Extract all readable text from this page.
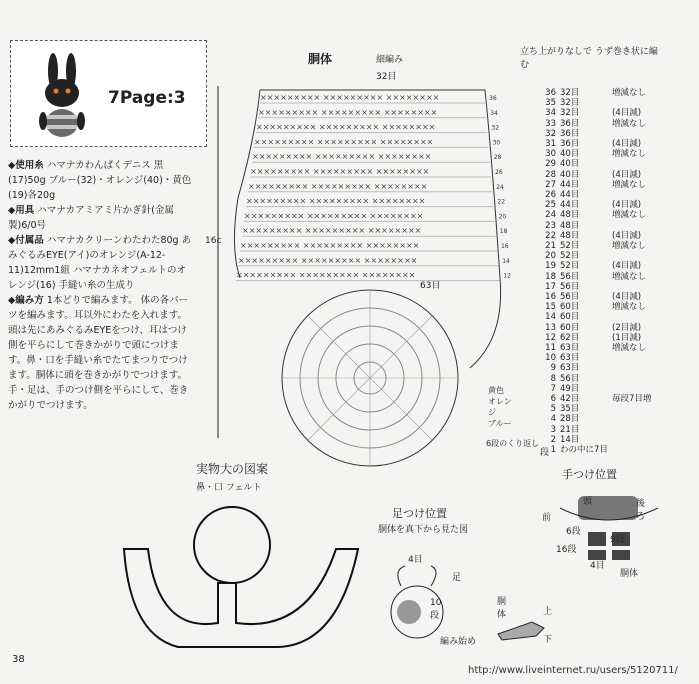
7Page:3
◆使用糸 ハマナカわんぱくデニス 黒(17)50g ブルー(32)・オレンジ(40)・黄色(19)各20g
◆用具 ハマナカアミアミ片かぎ針(金属製)6/0号
◆付属品 ハマナカクリーンわたわた80g あみぐるみEYE(アイ)のオレンジ(A-12-11)12mm1組 ハマナカネオフェルトのオレンジ(16) 手縫い糸の生成り
◆編み方 1本どりで編みます。 体の各パーツを編みます。耳以外にわたを入れます。頭は先にあみぐるみEYEをつけ、耳はつけ側を平らにして巻きかがりで頭につけます。鼻・口を手縫い糸でたてまつりでつけます。胴体に頭を巻きかがりでつけます。手・足は、手のつけ側を平らにして、巻きかがりでつけます。
胴体	細編み
32目
16c
63目
立ち上がりなしで うず巻き状に編む
××××××××× ××××××××× ××××××××
××××××××× ××××××××× ××××××××
××××××××× ××××××××× ××××××××
××××××××× ××××××××× ××××××××
××××××××× ××××××××× ××××××××
××××××××× ××××××××× ××××××××
××××××××× ××××××××× ××××××××
××××××××× ××××××××× ××××××××
××××××××× ××××××××× ××××××××
××××××××× ××××××××× ××××××××
××××××××× ××××××××× ××××××××
××××××××× ××××××××× ××××××××
××××××××× ××××××××× ××××××××
36
34
32
30
28
26
24
22
20
18
16
14
12
36 32目	増減なし
35 32目
34 32目	(4目減)
33 36目	増減なし
32 36目
31 36目	(4目減)
30 40目	増減なし
29 40目
28 40目	(4目減)
27 44目	増減なし
26 44目
25 44目	(4目減)
24 48目	増減なし
23 48目
22 48目	(4目減)
21 52目	増減なし
20 52目
19 52目	(4目減)
18 56目	増減なし
17 56目
16 56目	(4目減)
15 60目	増減なし
14 60目
13 60目	(2目減)
12 62目	(1目減)
11 63目	増減なし
10 63目
9 63目
8 56目
7 49目
6 42目	毎段7目増
5 35目
4 28目
3 21目
2 14目
1 わの中に7目
黄色
オレンジ
ブルー
6段のくり返し
段
実物大の図案
鼻・口 フェルト
足つけ位置
胴体を真下から見た図
4目
足
10段
編み始め
胴体	上
下
手つけ位置
頭
前
後ろ
6段
16段
9段
4目
胴体
38
http://www.liveinternet.ru/users/5120711/
